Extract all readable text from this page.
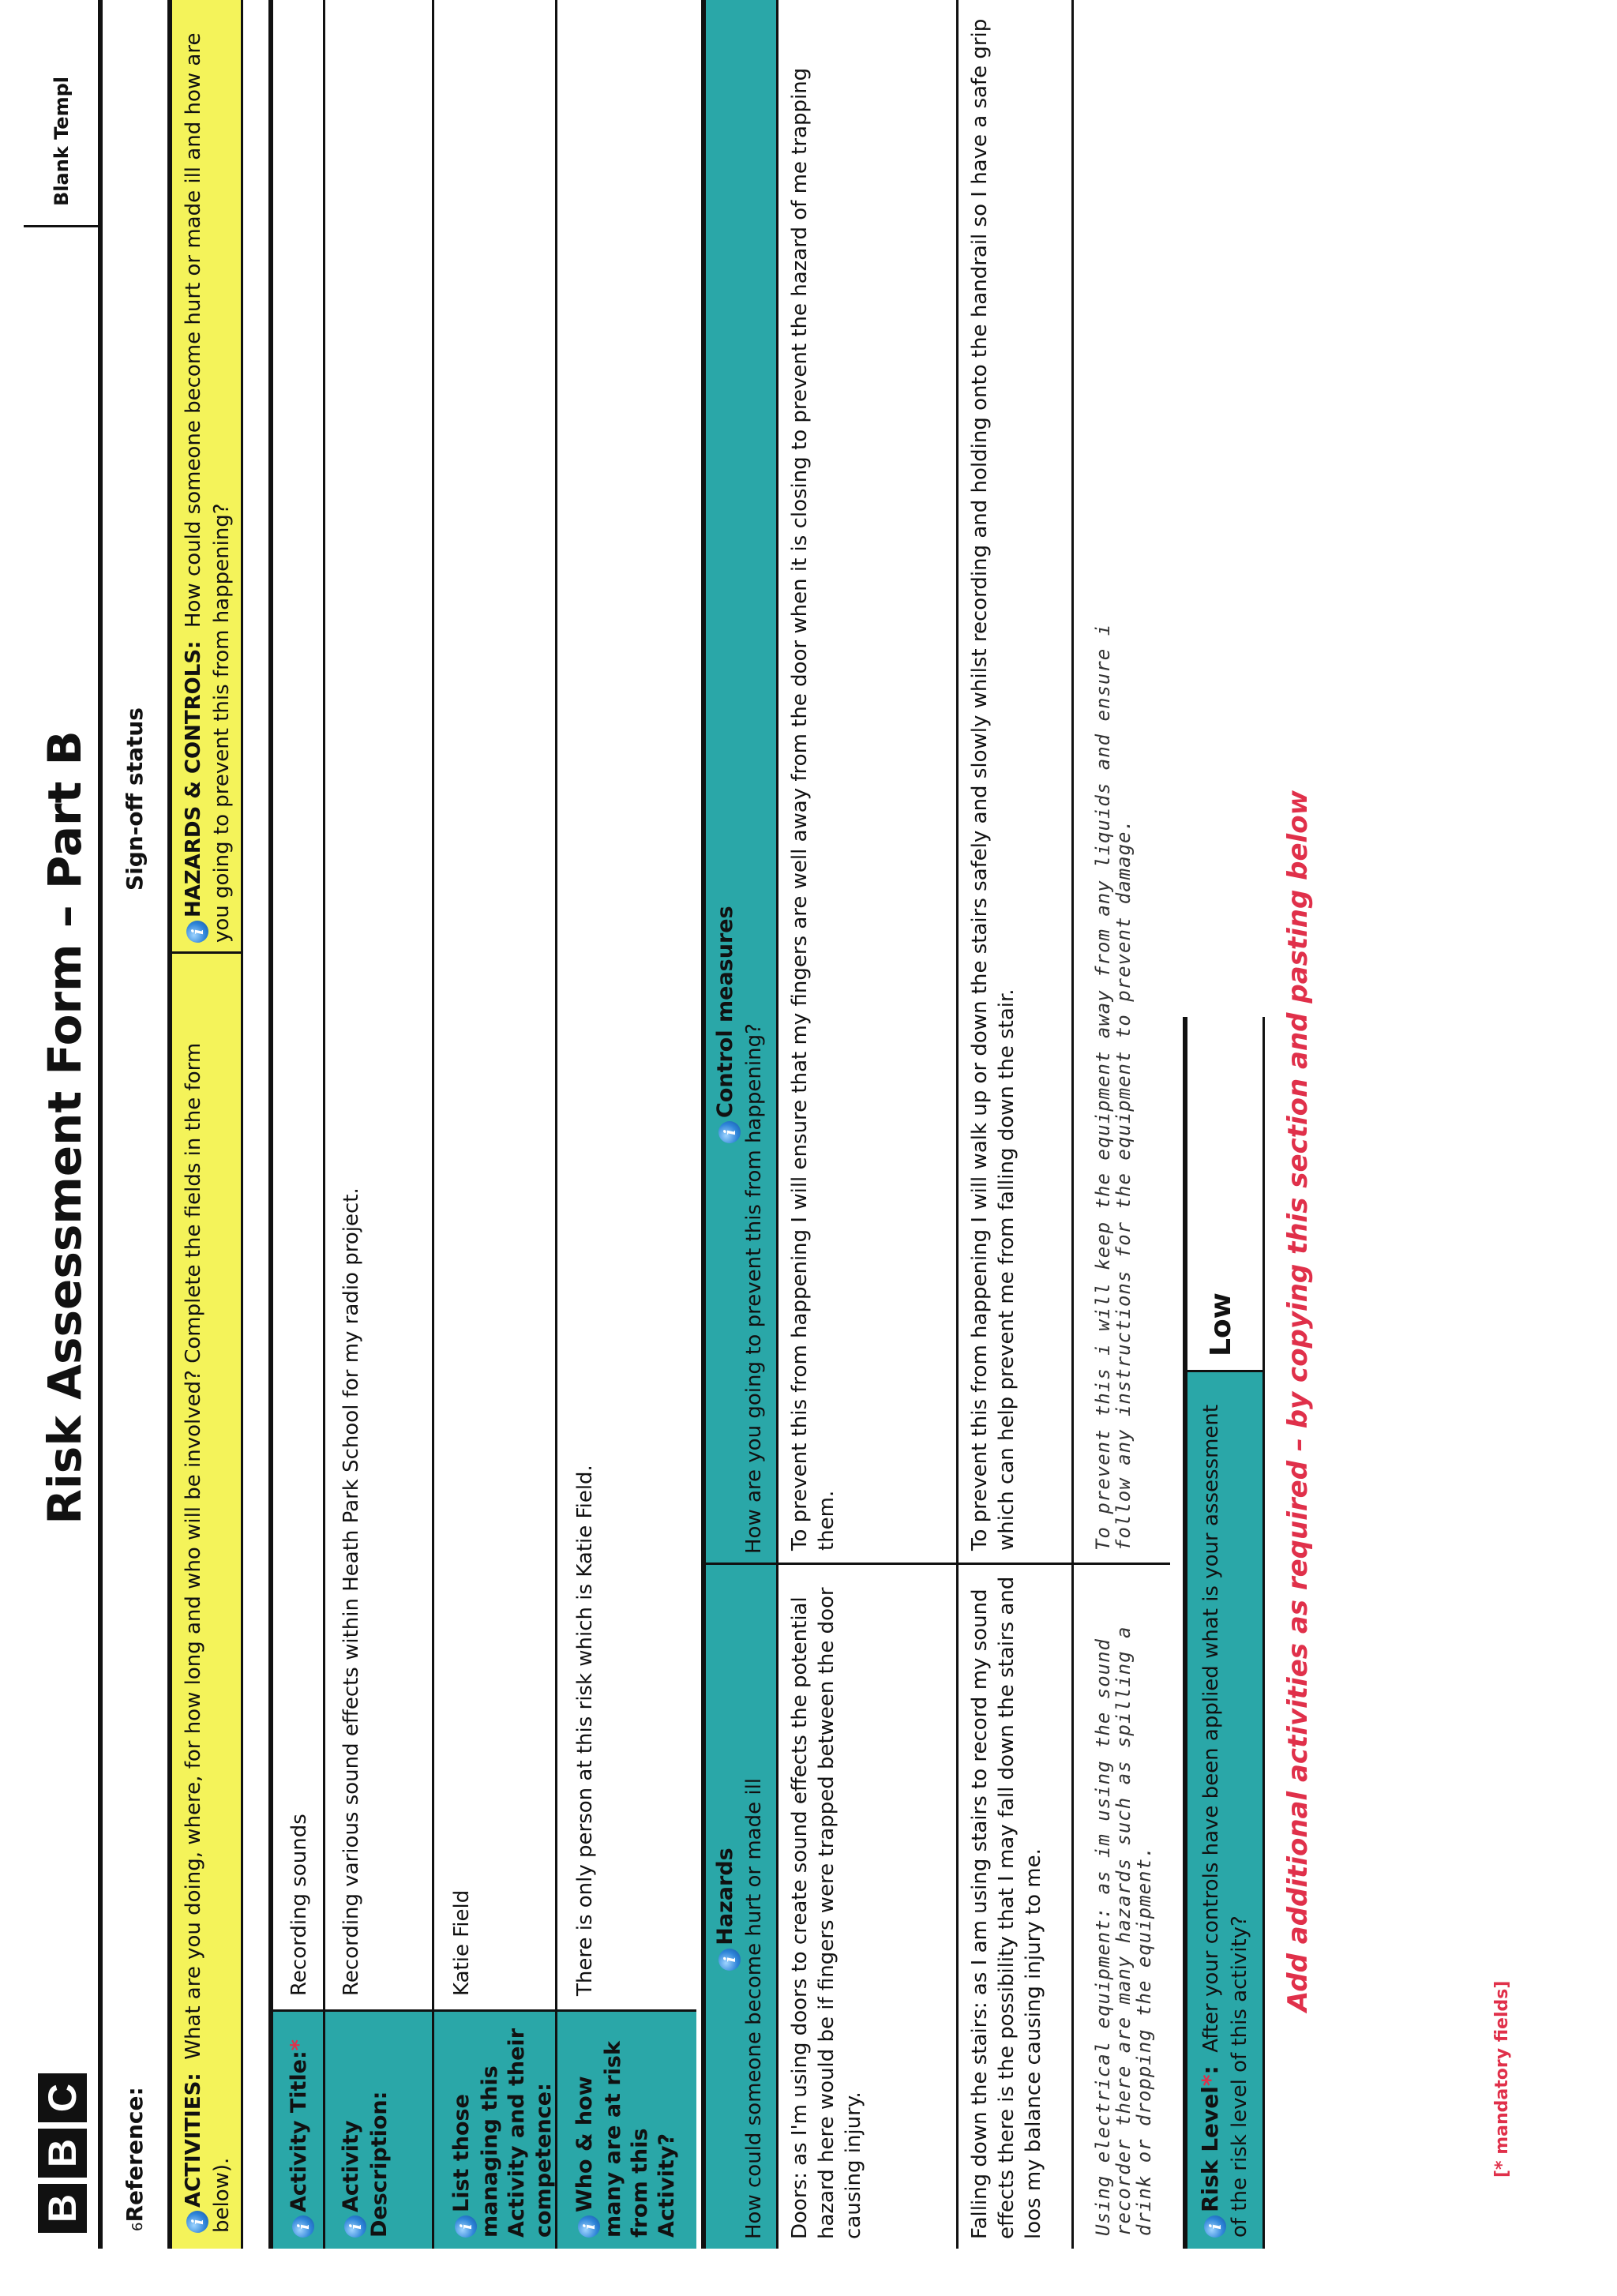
BBC
Risk Assessment Form – Part B
Blank Templ
6Reference:
Sign-off status
iACTIVITIES:  What are you doing, where, for how long and who will be involved? Complete the fields in the form below).
iHAZARDS & CONTROLS:  How could someone become hurt or made ill and how are you going to prevent this from happening?
iActivity Title:*
Recording sounds
iActivity Description:
Recording various sound effects within Heath Park School for my radio project.
iList those managing this Activity and their competence:
Katie Field
iWho & how many are at risk from this Activity?
There is only person at this risk which is Katie Field.	iHazards How could someone become hurt or made ill
iControl measures
How are you going to prevent this from happening?
Doors: as I'm using doors to create sound effects the potential hazard here would be if fingers were trapped between the door causing injury.
To prevent this from happening I will ensure that my fingers are well away from the door when it is closing to prevent the hazard of me trapping them.
Falling down the stairs: as I am using stairs to record my sound effects there is the possibility that I may fall down the stairs and loos my balance causing injury to me.
To prevent this from happening I will walk up or down the stairs safely and slowly whilst recording and holding onto the handrail so I have a safe grip which can help prevent me from falling down the stair.
Using electrical equipment: as im using the sound recorder there are many hazards such as spilling a drink or dropping the equipment.
To prevent this i will keep the equipment away from any liquids and ensure i follow any instructions for the equipment to prevent damage.
iRisk Level*:  After your controls have been applied what is your assessment of the risk level of this activity?
Low Add additional activities as required – by copying this section and pasting below
[* mandatory fields]
